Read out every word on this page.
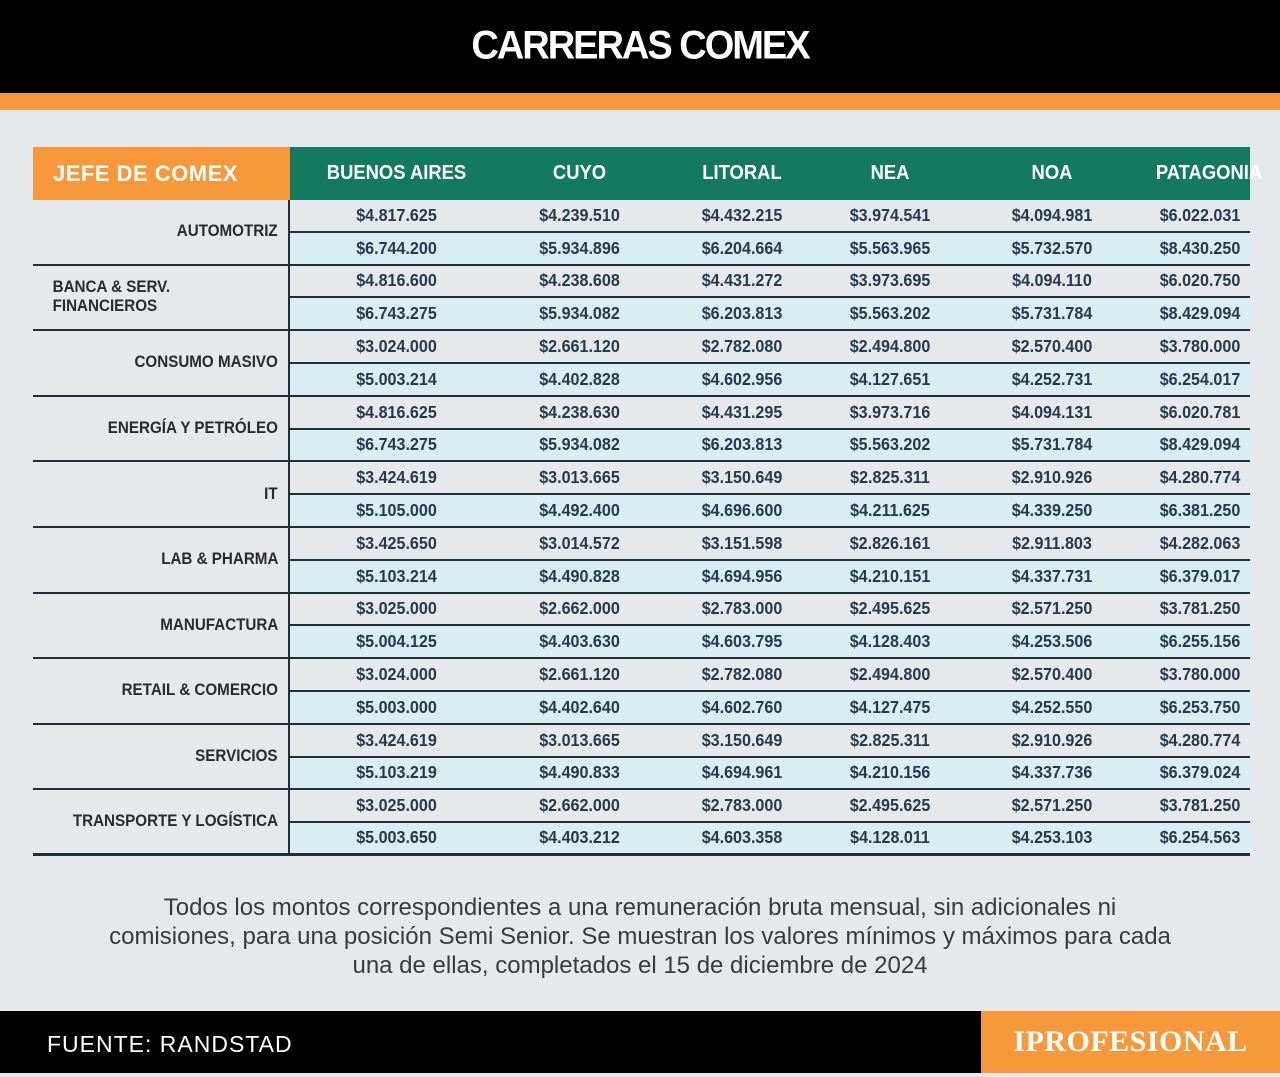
CARRERAS COMEX
JEFE DE COMEX	BUENOS AIRES	CUYO	LITORAL	NEA	NOA	PATAGONIA
AUTOMOTRIZ
$4.817.625	$4.239.510	$4.432.215	$3.974.541	$4.094.981	$6.022.031
$6.744.200	$5.934.896	$6.204.664	$5.563.965	$5.732.570	$8.430.250
BANCA & SERV. FINANCIEROS
$4.816.600	$4.238.608	$4.431.272	$3.973.695	$4.094.110	$6.020.750
$6.743.275	$5.934.082	$6.203.813	$5.563.202	$5.731.784	$8.429.094
CONSUMO MASIVO
$3.024.000	$2.661.120	$2.782.080	$2.494.800	$2.570.400	$3.780.000
$5.003.214	$4.402.828	$4.602.956	$4.127.651	$4.252.731	$6.254.017
ENERGÍA Y PETRÓLEO
$4.816.625	$4.238.630	$4.431.295	$3.973.716	$4.094.131	$6.020.781
$6.743.275	$5.934.082	$6.203.813	$5.563.202	$5.731.784	$8.429.094
IT
$3.424.619	$3.013.665	$3.150.649	$2.825.311	$2.910.926	$4.280.774
$5.105.000	$4.492.400	$4.696.600	$4.211.625	$4.339.250	$6.381.250
LAB & PHARMA
$3.425.650	$3.014.572	$3.151.598	$2.826.161	$2.911.803	$4.282.063
$5.103.214	$4.490.828	$4.694.956	$4.210.151	$4.337.731	$6.379.017
MANUFACTURA
$3.025.000	$2.662.000	$2.783.000	$2.495.625	$2.571.250	$3.781.250
$5.004.125	$4.403.630	$4.603.795	$4.128.403	$4.253.506	$6.255.156
RETAIL & COMERCIO
$3.024.000	$2.661.120	$2.782.080	$2.494.800	$2.570.400	$3.780.000
$5.003.000	$4.402.640	$4.602.760	$4.127.475	$4.252.550	$6.253.750
SERVICIOS
$3.424.619	$3.013.665	$3.150.649	$2.825.311	$2.910.926	$4.280.774
$5.103.219	$4.490.833	$4.694.961	$4.210.156	$4.337.736	$6.379.024
TRANSPORTE Y LOGÍSTICA
$3.025.000	$2.662.000	$2.783.000	$2.495.625	$2.571.250	$3.781.250
$5.003.650	$4.403.212	$4.603.358	$4.128.011	$4.253.103	$6.254.563
Todos los montos correspondientes a una remuneración bruta mensual, sin adicionales ni comisiones, para una posición Semi Senior. Se muestran los valores mínimos y máximos para cada una de ellas, completados el 15 de diciembre de 2024
FUENTE: RANDSTAD	IPROFESIONAL
